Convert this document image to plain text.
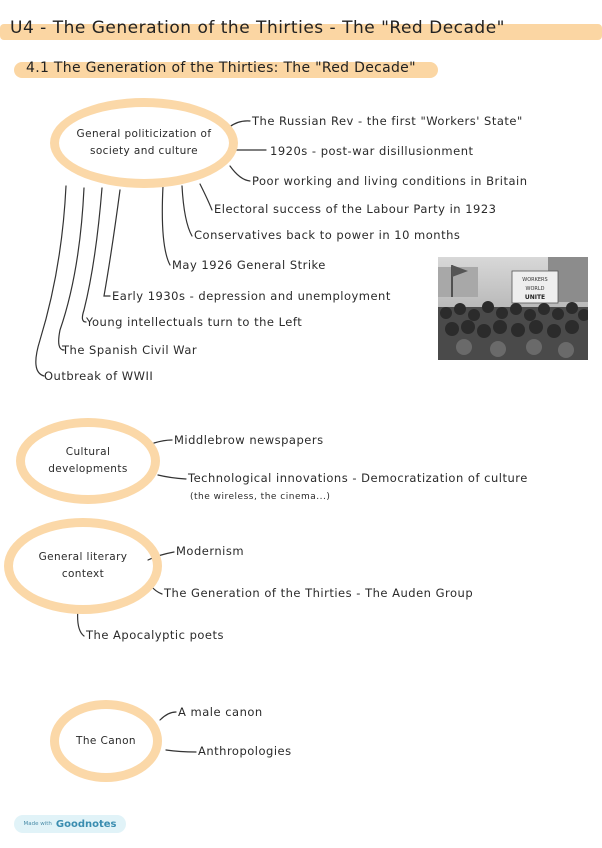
U4 - The Generation of the Thirties - The "Red Decade"
4.1 The Generation of the Thirties: The "Red Decade"
General politicization of society and culture
The Russian Rev - the first "Workers' State"
1920s - post-war disillusionment
Poor working and living conditions in Britain
Electoral success of the Labour Party in 1923
Conservatives back to power in 10 months
May 1926 General Strike
Early 1930s - depression and unemployment
Young intellectuals turn to the Left
The Spanish Civil War
Outbreak of WWII
WORKERS
WORLD
UNITE
Cultural developments
Middlebrow newspapers
Technological innovations - Democratization of culture
(the wireless, the cinema...)
General literary context
Modernism
The Generation of the Thirties - The Auden Group
The Apocalyptic poets
The Canon
A male canon
Anthropologies
Made with Goodnotes
